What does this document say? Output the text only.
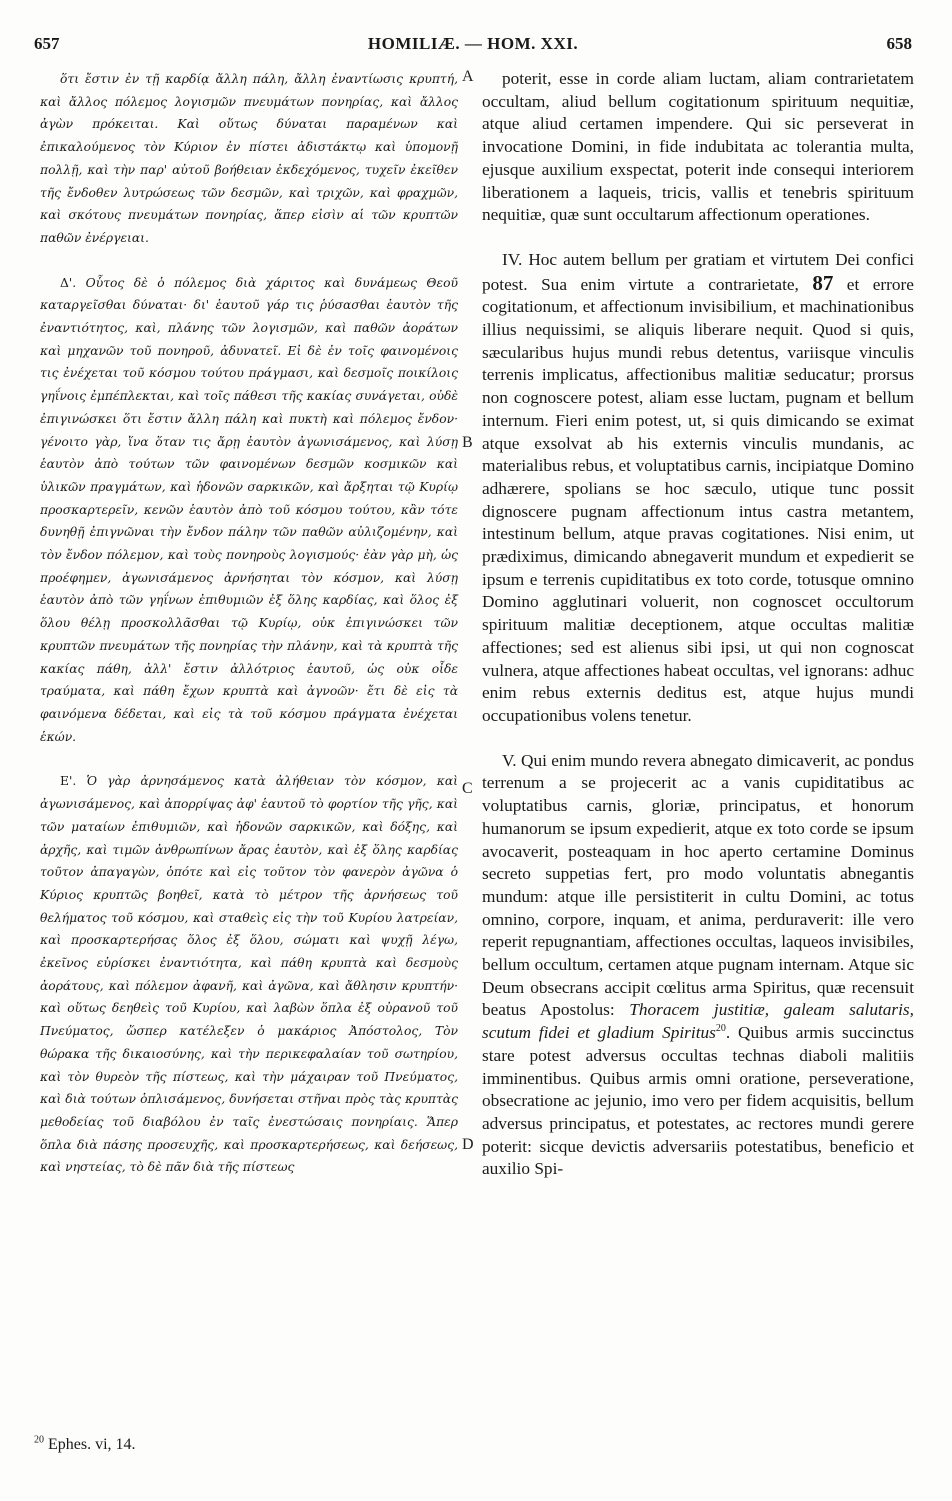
657	HOMILIÆ. — HOM. XXI.	658

ὅτι ἔστιν ἐν τῇ καρδίᾳ ἄλλη πάλη, ἄλλη ἐναντίωσις κρυπτή, καὶ ἄλλος πόλεμος λογισμῶν πνευμάτων πονηρίας, καὶ ἄλλος ἀγὼν πρόκειται. Καὶ οὕτως δύναται παραμένων καὶ ἐπικαλούμενος τὸν Κύριον ἐν πίστει ἀδιστάκτῳ καὶ ὑπομονῇ πολλῇ, καὶ τὴν παρ' αὐτοῦ βοήθειαν ἐκδεχόμενος, τυχεῖν ἐκεῖθεν τῆς ἔνδοθεν λυτρώσεως τῶν δεσμῶν, καὶ τριχῶν, καὶ φραχμῶν, καὶ σκότους πνευμάτων πονηρίας, ἅπερ εἰσὶν αἱ τῶν κρυπτῶν παθῶν ἐνέργειαι.

Δ'. Οὗτος δὲ ὁ πόλεμος διὰ χάριτος καὶ δυνάμεως Θεοῦ καταργεῖσθαι δύναται· δι' ἑαυτοῦ γάρ τις ῥύσασθαι ἑαυτὸν τῆς ἐναντιότητος, καὶ, πλάνης τῶν λογισμῶν, καὶ παθῶν ἀοράτων καὶ μηχανῶν τοῦ πονηροῦ, ἀδυνατεῖ. Εἰ δὲ ἐν τοῖς φαινομένοις τις ἐνέχεται τοῦ κόσμου τούτου πράγμασι, καὶ δεσμοῖς ποικίλοις γηΐνοις ἐμπέπλεκται, καὶ τοῖς πάθεσι τῆς κακίας συνάγεται, οὐδὲ ἐπιγινώσκει ὅτι ἔστιν ἄλλη πάλη καὶ πυκτὴ καὶ πόλεμος ἔνδον· γένοιτο γὰρ, ἵνα ὅταν τις ἄρῃ ἑαυτὸν ἀγωνισάμενος, καὶ λύσῃ ἑαυτὸν ἀπὸ τούτων τῶν φαινομένων δεσμῶν κοσμικῶν καὶ ὑλικῶν πραγμάτων, καὶ ἡδονῶν σαρκικῶν, καὶ ἄρξηται τῷ Κυρίῳ προσκαρτερεῖν, κενῶν ἑαυτὸν ἀπὸ τοῦ κόσμου τούτου, κἂν τότε δυνηθῇ ἐπιγνῶναι τὴν ἔνδον πάλην τῶν παθῶν αὐλιζομένην, καὶ τὸν ἔνδον πόλεμον, καὶ τοὺς πονηροὺς λογισμούς· ἐὰν γὰρ μὴ, ὡς προέφημεν, ἀγωνισάμενος ἀρνήσηται τὸν κόσμον, καὶ λύσῃ ἑαυτὸν ἀπὸ τῶν γηΐνων ἐπιθυμιῶν ἐξ ὅλης καρδίας, καὶ ὅλος ἐξ ὅλου θέλῃ προσκολλᾶσθαι τῷ Κυρίῳ, οὐκ ἐπιγινώσκει τῶν κρυπτῶν πνευμάτων τῆς πονηρίας τὴν πλάνην, καὶ τὰ κρυπτὰ τῆς κακίας πάθη, ἀλλ' ἔστιν ἀλλότριος ἑαυτοῦ, ὡς οὐκ οἶδε τραύματα, καὶ πάθη ἔχων κρυπτὰ καὶ ἀγνοῶν· ἔτι δὲ εἰς τὰ φαινόμενα δέδεται, καὶ εἰς τὰ τοῦ κόσμου πράγματα ἐνέχεται ἑκών.

Ε'. Ὁ γὰρ ἀρνησάμενος κατὰ ἀλήθειαν τὸν κόσμον, καὶ ἀγωνισάμενος, καὶ ἀπορρίψας ἀφ' ἑαυτοῦ τὸ φορτίον τῆς γῆς, καὶ τῶν ματαίων ἐπιθυμιῶν, καὶ ἡδονῶν σαρκικῶν, καὶ δόξης, καὶ ἀρχῆς, καὶ τιμῶν ἀνθρωπίνων ἄρας ἑαυτὸν, καὶ ἐξ ὅλης καρδίας τοῦτον ἀπαγαγὼν, ὁπότε καὶ εἰς τοῦτον τὸν φανερὸν ἀγῶνα ὁ Κύριος κρυπτῶς βοηθεῖ, κατὰ τὸ μέτρον τῆς ἀρνήσεως τοῦ θελήματος τοῦ κόσμου, καὶ σταθεὶς εἰς τὴν τοῦ Κυρίου λατρείαν, καὶ προσκαρτερήσας ὅλος ἐξ ὅλου, σώματι καὶ ψυχῇ λέγω, ἐκεῖνος εὑρίσκει ἐναντιότητα, καὶ πάθη κρυπτὰ καὶ δεσμοὺς ἀοράτους, καὶ πόλεμον ἀφανῆ, καὶ ἀγῶνα, καὶ ἄθλησιν κρυπτήν· καὶ οὕτως δεηθεὶς τοῦ Κυρίου, καὶ λαβὼν ὅπλα ἐξ οὐρανοῦ τοῦ Πνεύματος, ὥσπερ κατέλεξεν ὁ μακάριος Ἀπόστολος, Τὸν θώρακα τῆς δικαιοσύνης, καὶ τὴν περικεφαλαίαν τοῦ σωτηρίου, καὶ τὸν θυρεὸν τῆς πίστεως, καὶ τὴν μάχαιραν τοῦ Πνεύματος, καὶ διὰ τούτων ὁπλισάμενος, δυνήσεται στῆναι πρὸς τὰς κρυπτὰς μεθοδείας τοῦ διαβόλου ἐν ταῖς ἐνεστώσαις πονηρίαις. Ἅπερ ὅπλα διὰ πάσης προσευχῆς, καὶ προσκαρτερήσεως, καὶ δεήσεως, καὶ νηστείας, τὸ δὲ πᾶν διὰ τῆς πίστεως

A
B
C
D

poterit, esse in corde aliam luctam, aliam contrarietatem occultam, aliud bellum cogitationum spirituum nequitiæ, atque aliud certamen impendere. Qui sic perseverat in invocatione Domini, in fide indubitata ac tolerantia multa, ejusque auxilium exspectat, poterit inde consequi interiorem liberationem a laqueis, tricis, vallis et tenebris spirituum nequitiæ, quæ sunt occultarum affectionum operationes.

IV. Hoc autem bellum per gratiam et virtutem Dei confici potest. Sua enim virtute a contrarietate, 87 et errore cogitationum, et affectionum invisibilium, et machinationibus illius nequissimi, se aliquis liberare nequit. Quod si quis, sæcularibus hujus mundi rebus detentus, variisque vinculis terrenis implicatus, affectionibus malitiæ seducatur; prorsus non cognoscere potest, aliam esse luctam, pugnam et bellum internum. Fieri enim potest, ut, si quis dimicando se eximat atque exsolvat ab his externis vinculis mundanis, ac materialibus rebus, et voluptatibus carnis, incipiatque Domino adhærere, spolians se hoc sæculo, utique tunc possit dignoscere pugnam affectionum intus castra metantem, intestinum bellum, atque pravas cogitationes. Nisi enim, ut prædiximus, dimicando abnegaverit mundum et expedierit se ipsum e terrenis cupiditatibus ex toto corde, totusque omnino Domino agglutinari voluerit, non cognoscet occultorum spirituum malitiæ deceptionem, atque occultas malitiæ affectiones; sed est alienus sibi ipsi, ut qui non cognoscat vulnera, atque affectiones habeat occultas, vel ignorans: adhuc enim rebus externis deditus est, atque hujus mundi occupationibus volens tenetur.

V. Qui enim mundo revera abnegato dimicaverit, ac pondus terrenum a se projecerit ac a vanis cupiditatibus ac voluptatibus carnis, gloriæ, principatus, et honorum humanorum se ipsum expedierit, atque ex toto corde se ipsum avocaverit, posteaquam in hoc aperto certamine Dominus secreto suppetias fert, pro modo voluntatis abnegantis mundum: atque ille persistiterit in cultu Domini, ac totus omnino, corpore, inquam, et anima, perduraverit: ille vero reperit repugnantiam, affectiones occultas, laqueos invisibiles, bellum occultum, certamen atque pugnam internam. Atque sic Deum obsecrans accipit cœlitus arma Spiritus, quæ recensuit beatus Apostolus: Thoracem justitiæ, galeam salutaris, scutum fidei et gladium Spiritus$^{20}$. Quibus armis succinctus stare potest adversus occultas technas diaboli malitiis imminentibus. Quibus armis omni oratione, perseveratione, obsecratione ac jejunio, imo vero per fidem acquisitis, bellum adversus principatus, et potestates, ac rectores mundi gerere poterit: sicque devictis adversariis potestatibus, beneficio et auxilio Spi-

$^{20}$ Ephes. vi, 14.
